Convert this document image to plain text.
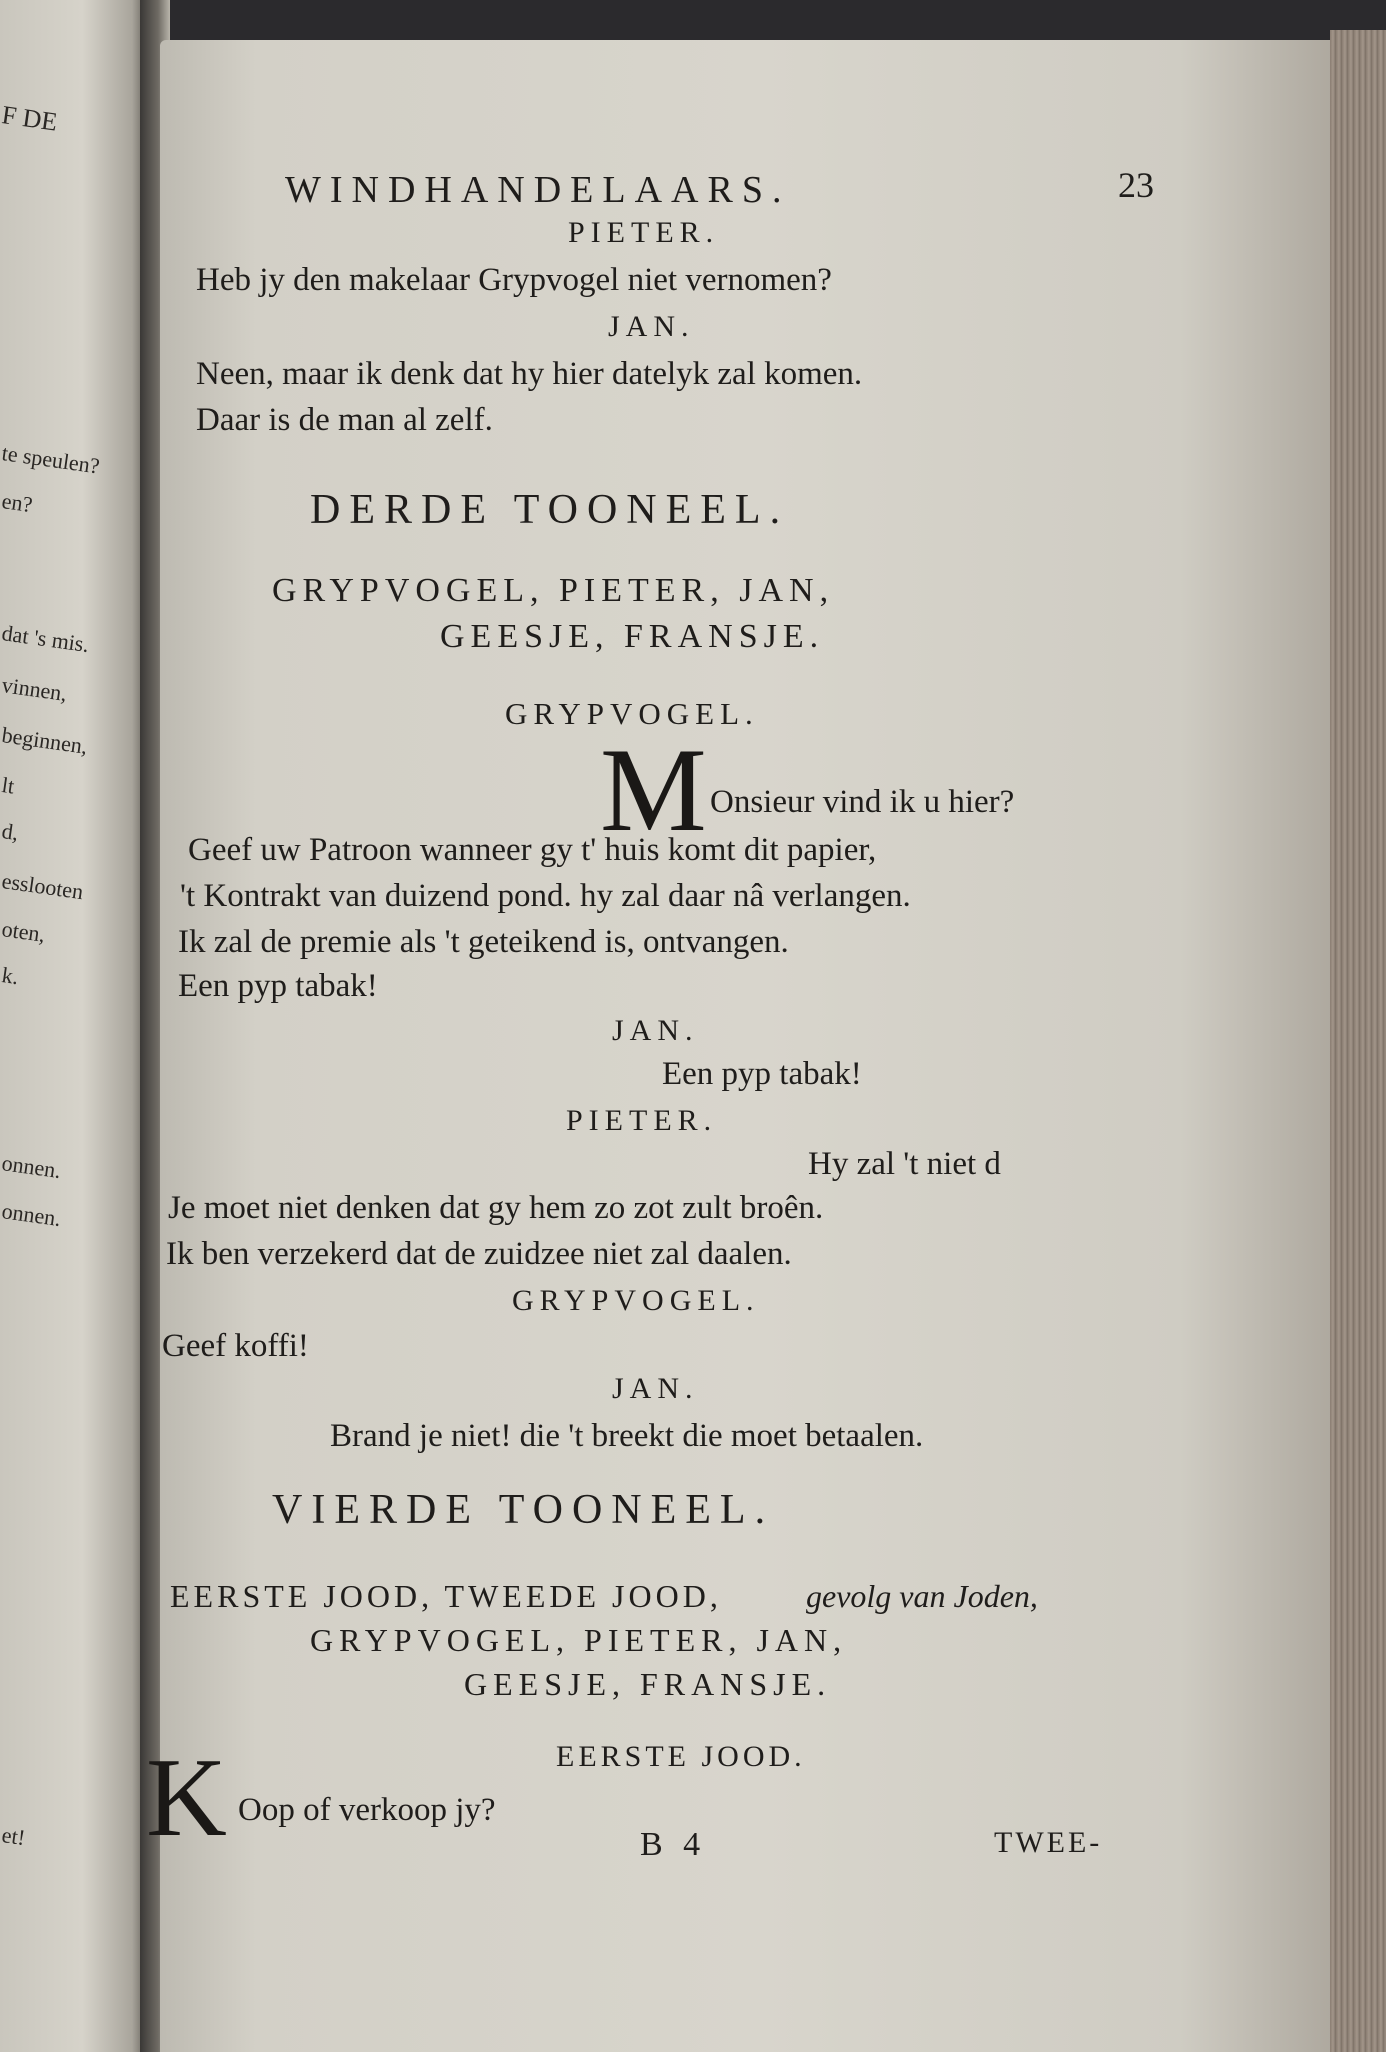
F DE
te speulen?
en?
dat 's mis.
vinnen,
beginnen,
lt
d,
esslooten
oten,
k.
onnen.
onnen.
et!
WINDHANDELAARS.	23
PIETER.
Heb jy den makelaar Grypvogel niet vernomen?
JAN.
Neen, maar ik denk dat hy hier datelyk zal komen.
Daar is de man al zelf.
DERDE TOONEEL.
GRYPVOGEL, PIETER, JAN,
GEESJE, FRANSJE.
GRYPVOGEL.
M Onsieur vind ik u hier?
Geef uw Patroon wanneer gy t' huis komt dit papier,
't Kontrakt van duizend pond. hy zal daar nâ verlangen.
Ik zal de premie als 't geteikend is, ontvangen.
Een pyp tabak!
JAN.
Een pyp tabak!
PIETER.
Hy zal 't niet d
Je moet niet denken dat gy hem zo zot zult broên.
Ik ben verzekerd dat de zuidzee niet zal daalen.
GRYPVOGEL.
Geef koffi!
JAN.
Brand je niet! die 't breekt die moet betaalen.
VIERDE TOONEEL.
EERSTE JOOD, TWEEDE JOOD,	gevolg van Joden,
GRYPVOGEL, PIETER, JAN,
GEESJE, FRANSJE.
EERSTE JOOD.
K Oop of verkoop jy?
B 4	TWEE-
